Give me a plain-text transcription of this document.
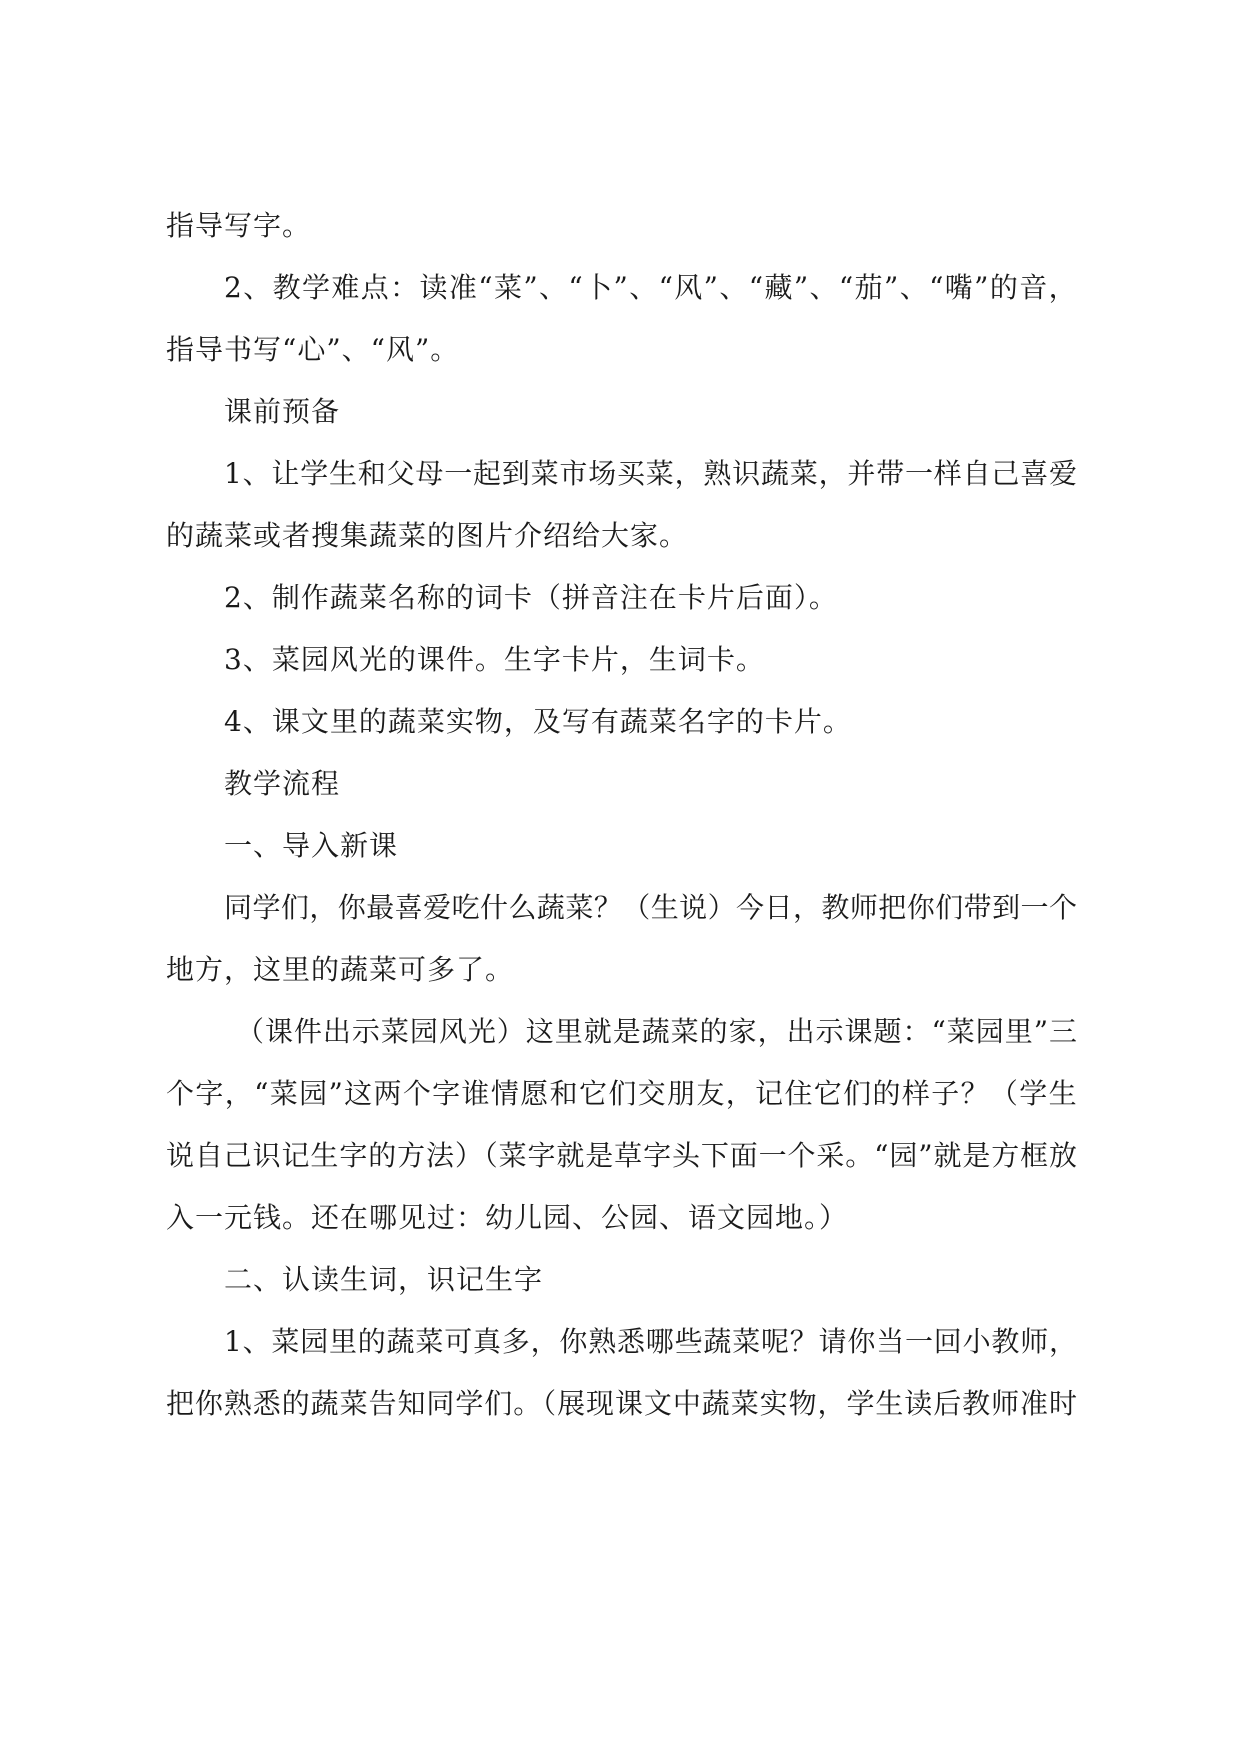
指导写字。
2、教学难点：读准“菜”、“卜”、“风”、“藏”、“茄”、“嘴”的音，
指导书写“心”、“风”。
课前预备
1、让学生和父母一起到菜市场买菜，熟识蔬菜，并带一样自己喜爱
的蔬菜或者搜集蔬菜的图片介绍给大家。
2、制作蔬菜名称的词卡（拼音注在卡片后面）。
3、菜园风光的课件。生字卡片，生词卡。
4、课文里的蔬菜实物，及写有蔬菜名字的卡片。
教学流程
一、导入新课
同学们，你最喜爱吃什么蔬菜？（生说）今日，教师把你们带到一个
地方，这里的蔬菜可多了。
（课件出示菜园风光）这里就是蔬菜的家，出示课题：“菜园里”三
个字，“菜园”这两个字谁情愿和它们交朋友，记住它们的样子？（学生
说自己识记生字的方法）（菜字就是草字头下面一个采。“园”就是方框放
入一元钱。还在哪见过：幼儿园、公园、语文园地。）
二、认读生词，识记生字
1、菜园里的蔬菜可真多，你熟悉哪些蔬菜呢？请你当一回小教师，
把你熟悉的蔬菜告知同学们。（展现课文中蔬菜实物，学生读后教师准时
